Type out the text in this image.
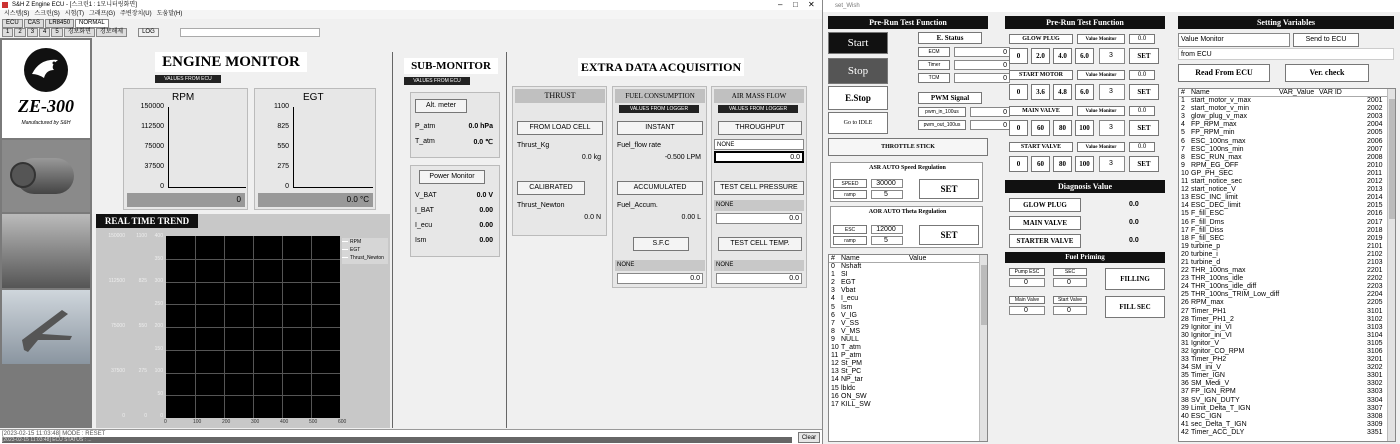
S&H Z Engine ECU - [스크린1 : 1모니터링화면]	– □ ✕
시스템(S) 스크린(S) 시험(T) 그래프(G) 주변장치(U) 도움말(H)
ECU CAS LR8450 NORMAL
1 2 3 4 5 경보화면 경보해제	LOG
ZE-300
Manufactured by S&H
ENGINE MONITOR
VALUES FROM ECU
RPM
150000
112500
75000
37500
0
0
EGT
1100
825
550
275
0
0.0 °C
REAL TIME TREND
150000
112500
75000
37500
0
1100
825
550
275
0
400
350
300
250
200
150
100
50
0
0	100	200	300	400	500	600
RPM
EGT
Thrust_Newton
SUB-MONITOR
VALUES FROM ECU
Alt. meter
P_atm	0.0 hPa
T_atm	0.0 ℃
Power Monitor
V_BAT	0.0 V
I_BAT	0.00
I_ecu	0.00
Ism	0.00
EXTRA DATA ACQUISITION
THRUST
FROM LOAD CELL
Thrust_Kg
0.0 kg
CALIBRATED
Thrust_Newton
0.0 N
FUEL CONSUMPTION
VALUES FROM LOGGER
INSTANT
Fuel_flow rate
-0.500 LPM
ACCUMULATED
Fuel_Accum.
0.00 L
S.F.C
NONE
0.0
AIR MASS FLOW
VALUES FROM LOGGER
THROUGHPUT
NONE
0.0
TEST CELL PRESSURE
NONE
0.0
TEST CELL TEMP.
NONE
0.0
[2023-02-15 11:03:48] MODE : RESET
[2023-02-15 11:03:48] ECU STATUS : ...	Clear
set_Wish
Pre-Run Test Function
Start
Stop
E.Stop
Go to IDLE
E. Status
ECM	0
Timer	0
TCM	0
PWM Signal
pwm_in_100us	0
pwm_out_100us	0
THROTTLE STICK
ASR AUTO Speed Regulation
SPEED	30000
ramp	5
SET
AOR AUTO Theta Regulation
ESC	12000
ramp	5
SET
# Name	Value
0 Nshaft
1 SI
2 EGT
3 Vbat
4 I_ecu
5 Ism
6 V_IG
7 V_SS
8 V_MS
9 NULL
10 T_atm
11 P_atm
12 St_PM
13 St_PC
14 NP_tar
15 lbldc
16 ON_SW
17 KILL_SW
Pre-Run Test Function
GLOW PLUG	Value Monitor	0.0
0	2.0	4.0	6.0	3	SET
START MOTOR	Value Monitor	0.0
0	3.6	4.8	6.0	3	SET
MAIN VALVE	Value Monitor	0.0
0	60	80	100	3	SET
START VALVE	Value Monitor	0.0
0	60	80	100	3	SET
Diagnosis Value
GLOW PLUG	0.0
MAIN VALVE	0.0
STARTER VALVE	0.0
Fuel Priming
Pump ESC
0
SEC
0
Main Valve
0
Start Valve
0
FILLING
FILL SEC
Setting Variables
Value Monitor	Send to ECU
from ECU
Read From ECU	Ver. check
# Name	VAR_Value VAR ID
1 start_motor_v_max	2001
2 start_motor_v_min	2002
3 glow_plug_v_max	2003
4 FP_RPM_max	2004
5 FP_RPM_min	2005
6 ESC_100ns_max	2006
7 ESC_100ns_min	2007
8 ESC_RUN_max	2008
9 RPM_EG_OFF	2010
10 GP_PH_SEC	2011
11 start_notice_sec	2012
12 start_notice_V	2013
13 ESC_INC_limit	2014
14 ESC_DEC_limit	2015
15 F_fill_ESC	2016
16 F_fill_Dms	2017
17 F_fill_Diss	2018
18 F_fill_SEC	2019
19 turbine_p	2101
20 turbine_i	2102
21 turbine_d	2103
22 THR_100ns_max	2201
23 THR_100ns_idle	2202
24 THR_100ns_idle_diff	2203
25 THR_100ns_TRIM_Low_diff	2204
26 RPM_max	2205
27 Timer_PH1	3101
28 Timer_PH1_2	3102
29 Ignitor_ini_VI	3103
30 Ignitor_ini_VI	3104
31 Ignitor_V	3105
32 Ignitor_CO_RPM	3106
33 Timer_PH2	3201
34 SM_ini_V	3202
35 Timer_IGN	3301
36 SM_Medi_V	3302
37 FP_IGN_RPM	3303
38 SV_IGN_DUTY	3304
39 Limit_Delta_T_IGN	3307
40 ESC_IGN	3308
41 sec_Delta_T_IGN	3309
42 Timer_ACC_DLY	3351
